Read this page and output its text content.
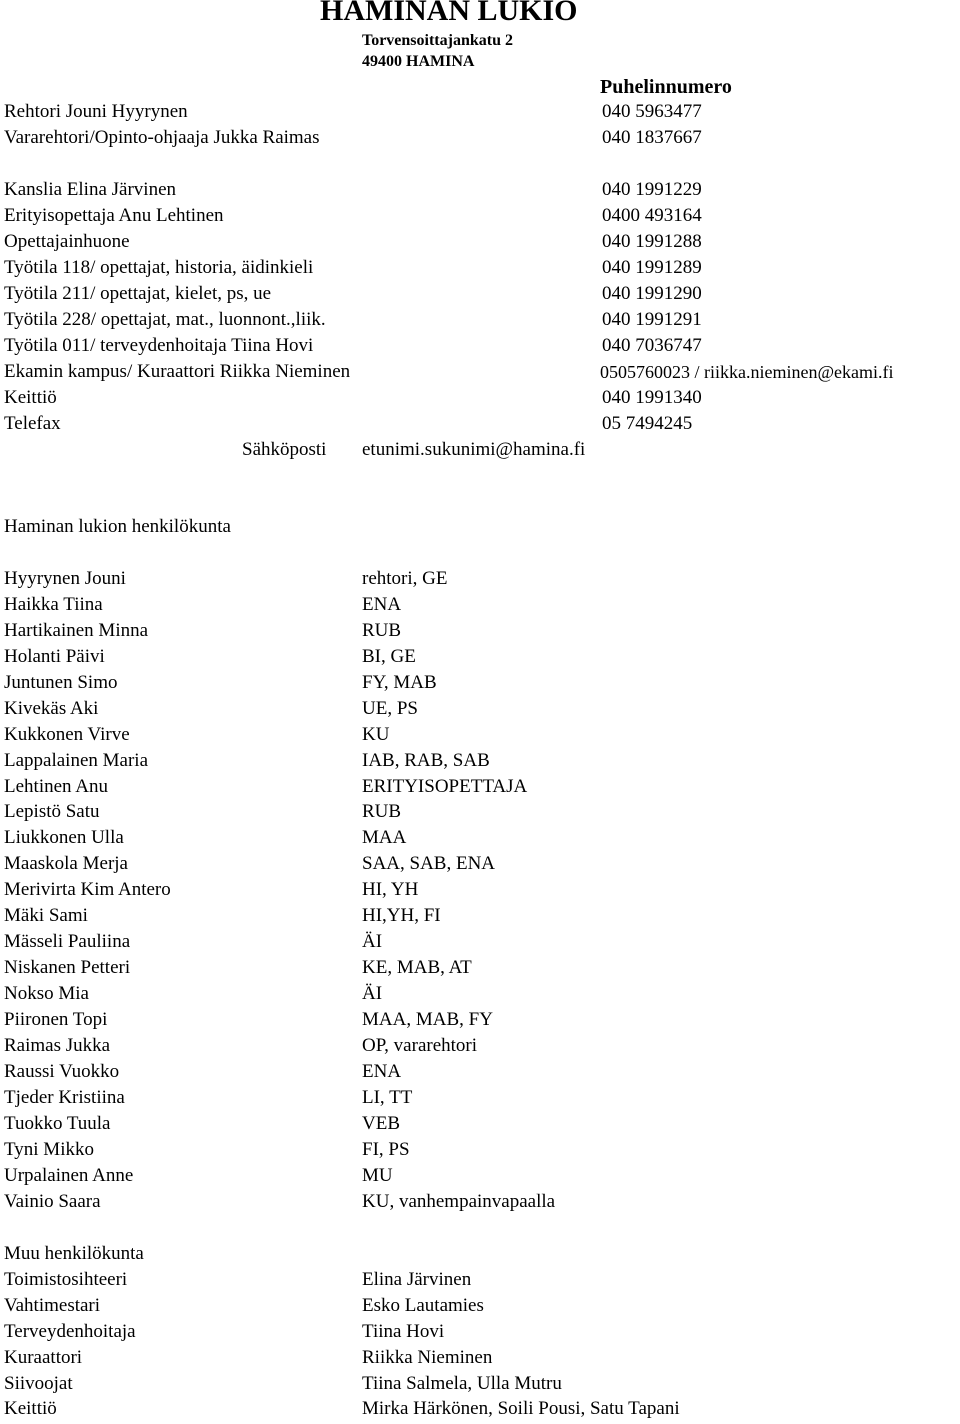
HAMINAN LUKIO
Torvensoittajankatu 2
49400 HAMINA
Puhelinnumero
Rehtori Jouni Hyyrynen	040 5963477
Vararehtori/Opinto-ohjaaja Jukka Raimas	040 1837667
Kanslia Elina Järvinen	040 1991229
Erityisopettaja Anu Lehtinen	0400 493164
Opettajainhuone	040 1991288
Työtila 118/ opettajat, historia, äidinkieli	040 1991289
Työtila 211/ opettajat, kielet, ps, ue	040 1991290
Työtila 228/ opettajat, mat., luonnont.,liik.	040 1991291
Työtila 011/ terveydenhoitaja Tiina Hovi	040 7036747
Ekamin kampus/ Kuraattori Riikka Nieminen	0505760023 / riikka.nieminen@ekami.fi
Keittiö	040 1991340
Telefax	05 7494245
Sähköposti etunimi.sukunimi@hamina.fi
Haminan lukion henkilökunta
Hyyrynen Jouni	rehtori, GE
Haikka Tiina	ENA
Hartikainen Minna	RUB
Holanti Päivi	BI, GE
Juntunen Simo	FY, MAB
Kivekäs Aki	UE, PS
Kukkonen Virve	KU
Lappalainen Maria	IAB, RAB, SAB
Lehtinen Anu	ERITYISOPETTAJA
Lepistö Satu	RUB
Liukkonen Ulla	MAA
Maaskola Merja	SAA, SAB, ENA
Merivirta Kim Antero	HI, YH
Mäki Sami	HI,YH, FI
Mässeli Pauliina	ÄI
Niskanen Petteri	KE, MAB, AT
Nokso Mia	ÄI
Piironen Topi	MAA, MAB, FY
Raimas Jukka	OP, vararehtori
Raussi Vuokko	ENA
Tjeder Kristiina	LI, TT
Tuokko Tuula	VEB
Tyni Mikko	FI, PS
Urpalainen Anne	MU
Vainio Saara	KU, vanhempainvapaalla
Muu henkilökunta
Toimistosihteeri	Elina Järvinen
Vahtimestari	Esko Lautamies
Terveydenhoitaja	Tiina Hovi
Kuraattori	Riikka Nieminen
Siivoojat	Tiina Salmela, Ulla Mutru
Keittiö	Mirka Härkönen, Soili Pousi, Satu Tapani
